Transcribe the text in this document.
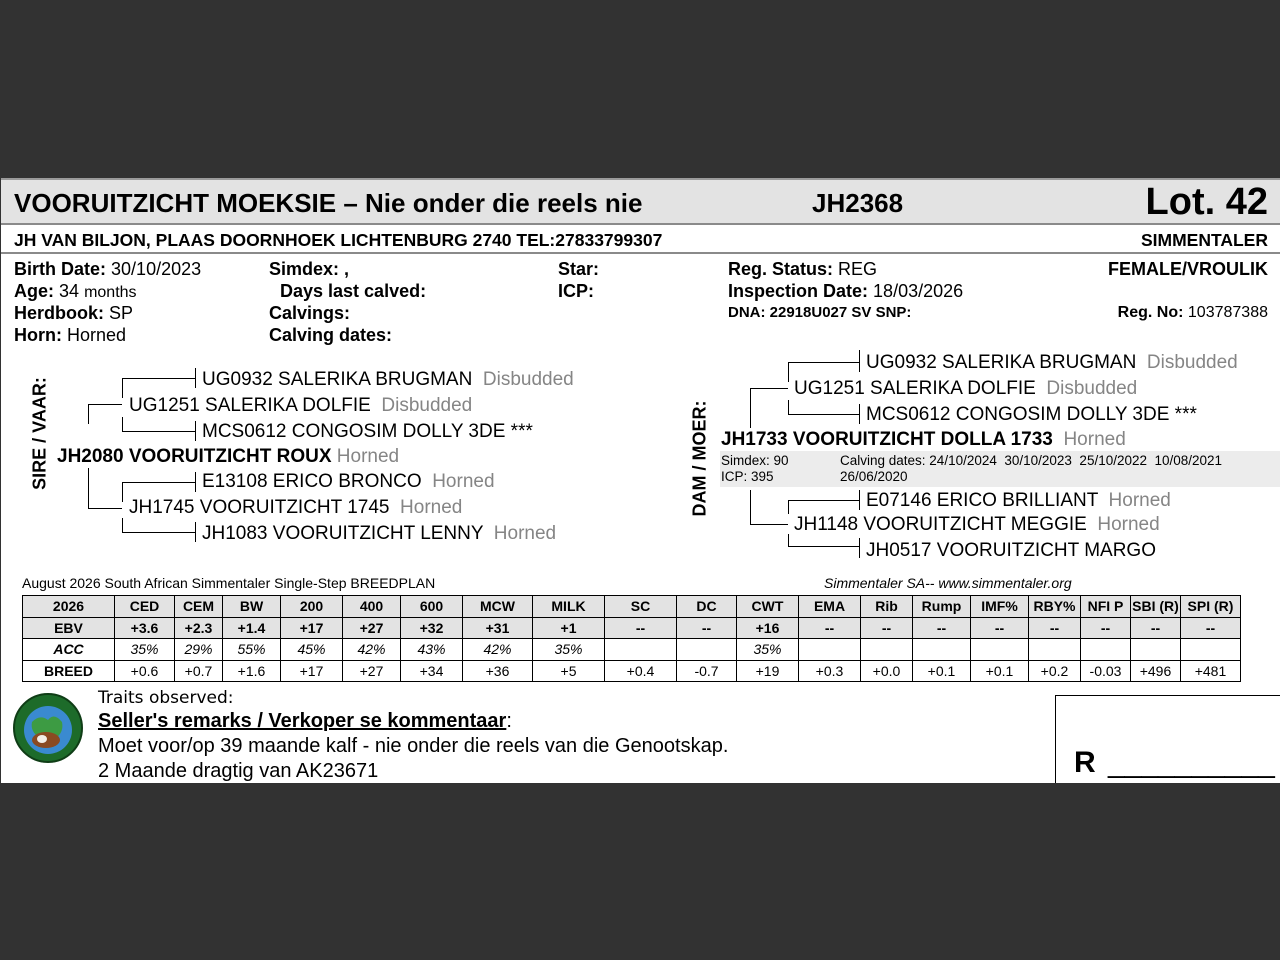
VOORUITZICHT MOEKSIE – Nie onder die reels nie	JH2368	Lot. 42
JH VAN BILJON, PLAAS DOORNHOEK LICHTENBURG 2740 TEL:27833799307	SIMMENTALER
Birth Date: 30/10/2023
Age: 34 months
Herdbook: SP
Horn: Horned
Simdex: ,
Days last calved:
Calvings:
Calving dates:
Star:
ICP:
Reg. Status: REG
Inspection Date: 18/03/2026
DNA: 22918U027 SV SNP:
FEMALE/VROULIK
Reg. No: 103787388
SIRE / VAAR:	UG0932 SALERIKA BRUGMAN Disbudded
UG1251 SALERIKA DOLFIE Disbudded
MCS0612 CONGOSIM DOLLY 3DE ***
JH2080 VOORUITZICHT ROUX Horned
E13108 ERICO BRONCO Horned
JH1745 VOORUITZICHT 1745 Horned
JH1083 VOORUITZICHT LENNY Horned
DAM / MOER:
UG0932 SALERIKA BRUGMAN Disbudded
UG1251 SALERIKA DOLFIE Disbudded
MCS0612 CONGOSIM DOLLY 3DE ***
JH1733 VOORUITZICHT DOLLA 1733 Horned
Simdex: 90
ICP: 395
Calving dates: 24/10/2024  30/10/2023  25/10/2022  10/08/2021
26/06/2020
E07146 ERICO BRILLIANT Horned
JH1148 VOORUITZICHT MEGGIE Horned
JH0517 VOORUITZICHT MARGO
August 2026 South African Simmentaler Single-Step BREEDPLAN	Simmentaler SA-- www.simmentaler.org
2026	CED	CEM	BW	200	400	600	MCW	MILK	SC	DC	CWT	EMA	Rib	Rump	IMF%	RBY%	NFI P	SBI (R)	SPI (R)
EBV	+3.6	+2.3	+1.4	+17	+27	+32	+31	+1	--	--	+16	--	--	--	--	--	--	--	--
ACC	35%	29%	55%	45%	42%	43%	42%	35%			35%								
BREED	+0.6	+0.7	+1.6	+17	+27	+34	+36	+5	+0.4	-0.7	+19	+0.3	+0.0	+0.1	+0.1	+0.2	-0.03	+496	+481
Traits observed:
Seller's remarks / Verkoper se kommentaar:
Moet voor/op 39 maande kalf - nie onder die reels van die Genootskap.
2 Maande dragtig van AK23671	R __________
